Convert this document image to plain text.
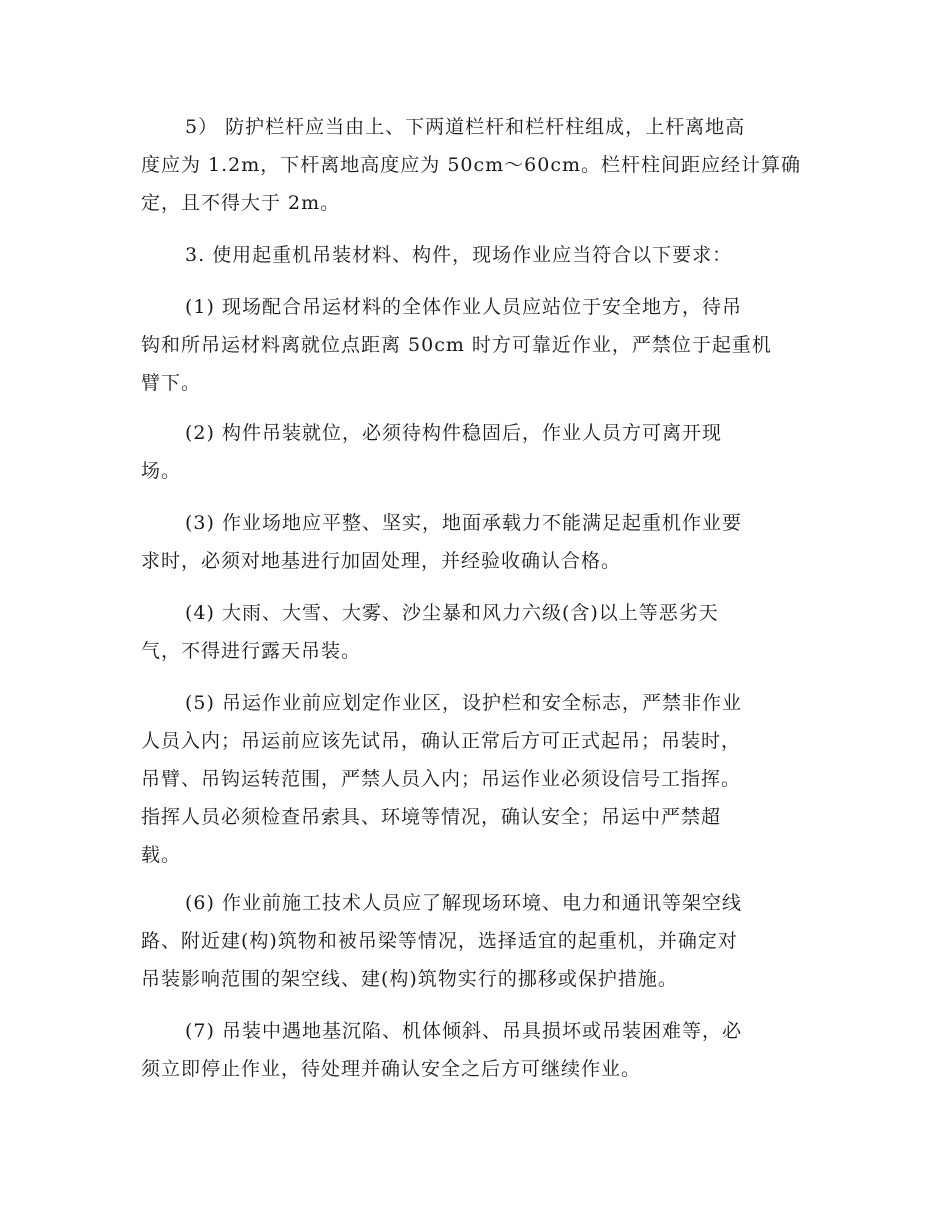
5） 防护栏杆应当由上、下两道栏杆和栏杆柱组成，上杆离地高
度应为 1.2m，下杆离地高度应为 50cm～60cm。栏杆柱间距应经计算确
定，且不得大于 2m。

3. 使用起重机吊装材料、构件，现场作业应当符合以下要求：

(1) 现场配合吊运材料的全体作业人员应站位于安全地方，待吊
钩和所吊运材料离就位点距离 50cm 时方可靠近作业，严禁位于起重机
臂下。

(2) 构件吊装就位，必须待构件稳固后，作业人员方可离开现
场。

(3) 作业场地应平整、坚实，地面承载力不能满足起重机作业要
求时，必须对地基进行加固处理，并经验收确认合格。

(4) 大雨、大雪、大雾、沙尘暴和风力六级(含)以上等恶劣天
气，不得进行露天吊装。

(5) 吊运作业前应划定作业区，设护栏和安全标志，严禁非作业
人员入内；吊运前应该先试吊，确认正常后方可正式起吊；吊装时，
吊臂、吊钩运转范围，严禁人员入内；吊运作业必须设信号工指挥。
指挥人员必须检查吊索具、环境等情况，确认安全；吊运中严禁超
载。

(6) 作业前施工技术人员应了解现场环境、电力和通讯等架空线
路、附近建(构)筑物和被吊梁等情况，选择适宜的起重机，并确定对
吊装影响范围的架空线、建(构)筑物实行的挪移或保护措施。

(7) 吊装中遇地基沉陷、机体倾斜、吊具损坏或吊装困难等，必
须立即停止作业，待处理并确认安全之后方可继续作业。
